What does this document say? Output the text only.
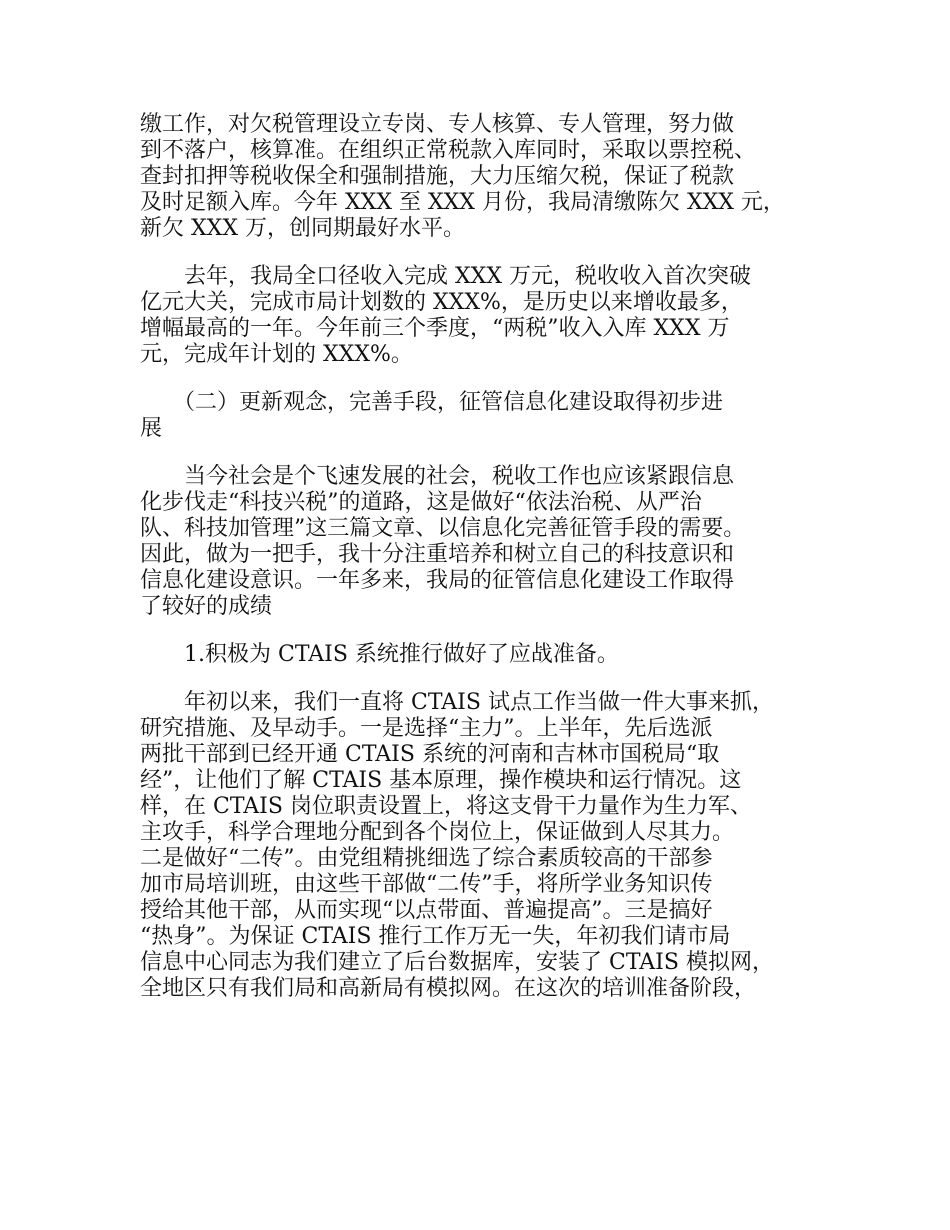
缴工作，对欠税管理设立专岗、专人核算、专人管理，努力做
到不落户，核算准。在组织正常税款入库同时，采取以票控税、
查封扣押等税收保全和强制措施，大力压缩欠税，保证了税款
及时足额入库。今年 XXX 至 XXX 月份，我局清缴陈欠 XXX 元，
新欠 XXX 万，创同期最好水平。
　　去年，我局全口径收入完成 XXX 万元，税收收入首次突破
亿元大关，完成市局计划数的 XXX%，是历史以来增收最多，
增幅最高的一年。今年前三个季度，“两税”收入入库 XXX 万
元，完成年计划的 XXX%。
　　（二）更新观念，完善手段，征管信息化建设取得初步进
展
　　当今社会是个飞速发展的社会，税收工作也应该紧跟信息
化步伐走“科技兴税”的道路，这是做好“依法治税、从严治
队、科技加管理”这三篇文章、以信息化完善征管手段的需要。
因此，做为一把手，我十分注重培养和树立自己的科技意识和
信息化建设意识。一年多来，我局的征管信息化建设工作取得
了较好的成绩
　　1.积极为 CTAIS 系统推行做好了应战准备。
　　年初以来，我们一直将 CTAIS 试点工作当做一件大事来抓，
研究措施、及早动手。一是选择“主力”。上半年，先后选派
两批干部到已经开通 CTAIS 系统的河南和吉林市国税局“取
经”，让他们了解 CTAIS 基本原理，操作模块和运行情况。这
样，在 CTAIS 岗位职责设置上，将这支骨干力量作为生力军、
主攻手，科学合理地分配到各个岗位上，保证做到人尽其力。
二是做好“二传”。由党组精挑细选了综合素质较高的干部参
加市局培训班，由这些干部做“二传”手，将所学业务知识传
授给其他干部，从而实现“以点带面、普遍提高”。三是搞好
“热身”。为保证 CTAIS 推行工作万无一失，年初我们请市局
信息中心同志为我们建立了后台数据库，安装了 CTAIS 模拟网，
全地区只有我们局和高新局有模拟网。在这次的培训准备阶段，
